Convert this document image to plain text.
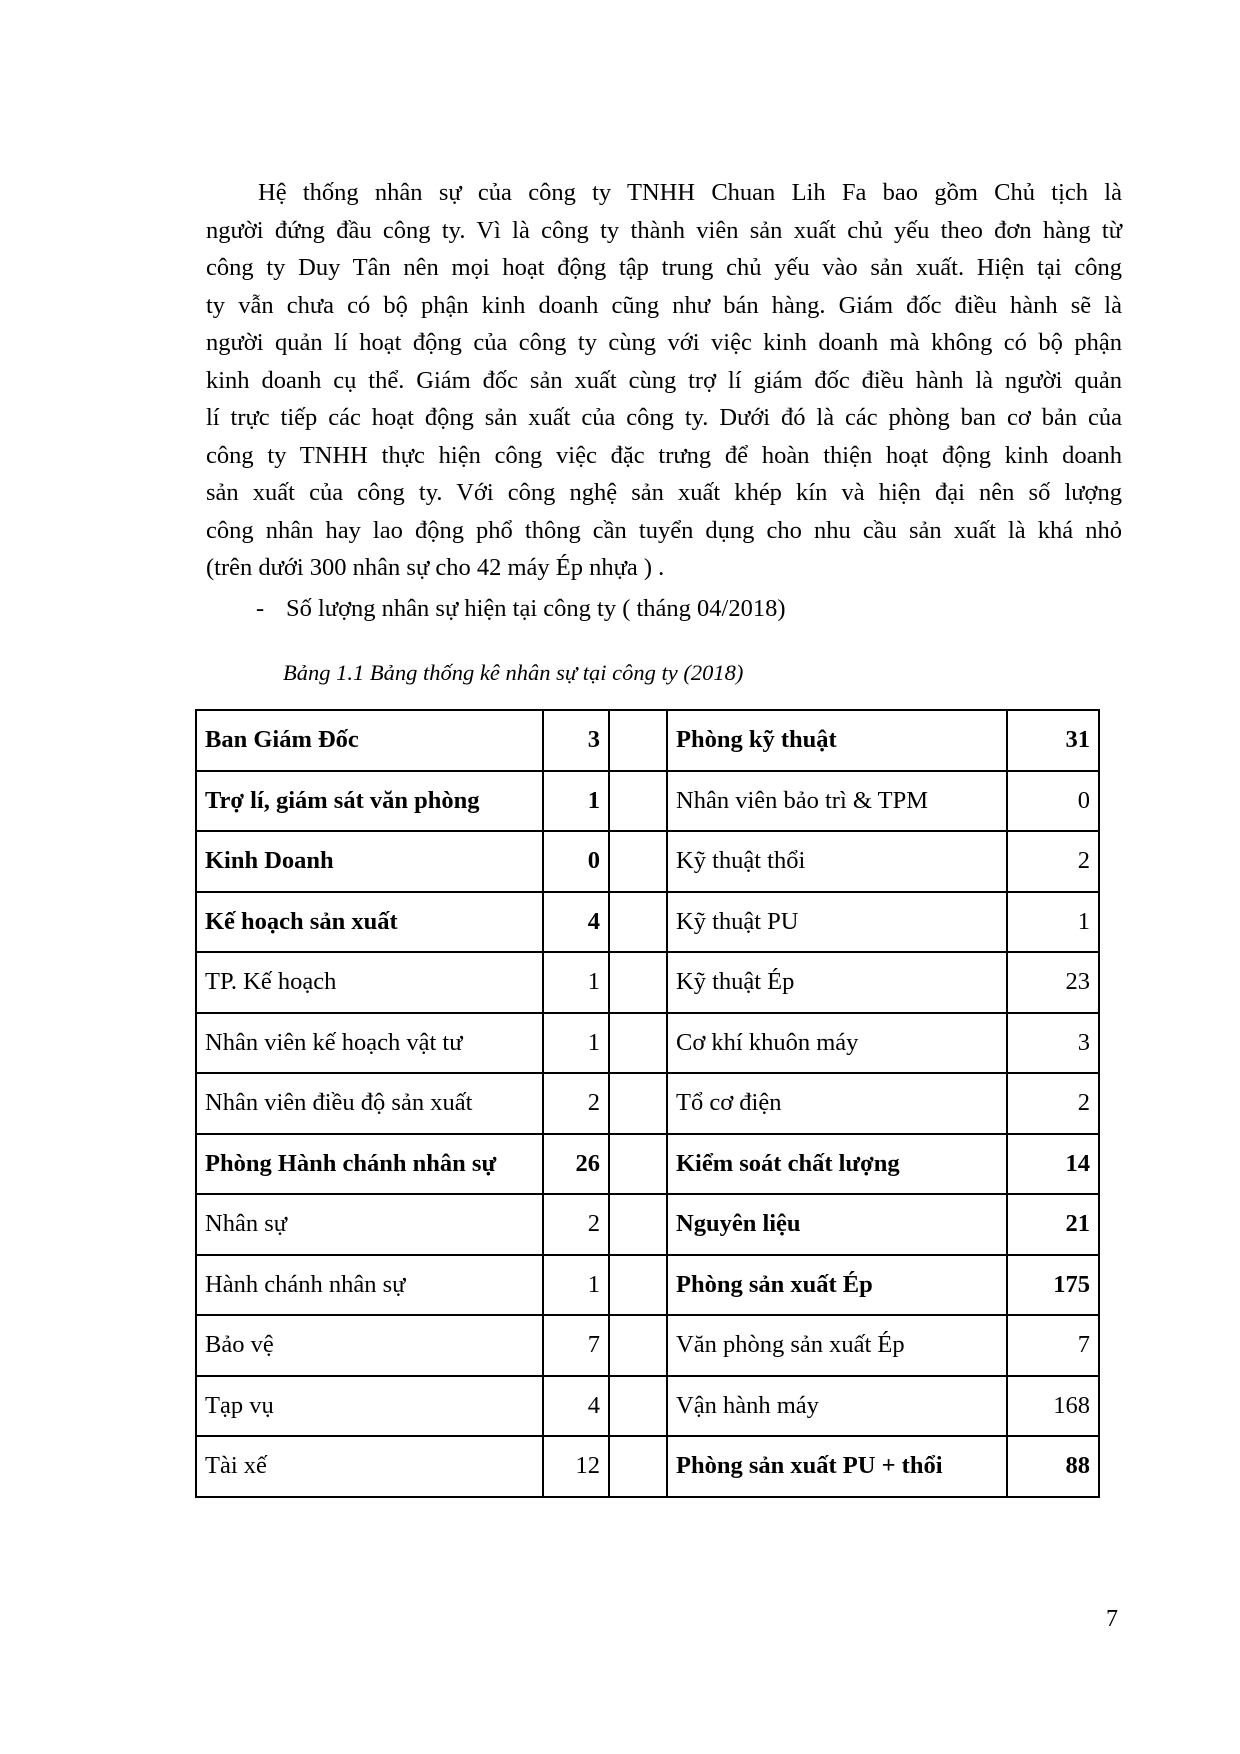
Hệ thống nhân sự của công ty TNHH Chuan Lih Fa bao gồm Chủ tịch là
người đứng đầu công ty. Vì là công ty thành viên sản xuất chủ yếu theo đơn hàng từ
công ty Duy Tân nên mọi hoạt động tập trung chủ yếu vào sản xuất. Hiện tại công
ty vẫn chưa có bộ phận kinh doanh cũng như bán hàng. Giám đốc điều hành sẽ là
người quản lí hoạt động của công ty cùng với việc kinh doanh mà không có bộ phận
kinh doanh cụ thể. Giám đốc sản xuất cùng trợ lí giám đốc điều hành là người quản
lí trực tiếp các hoạt động sản xuất của công ty. Dưới đó là các phòng ban cơ bản của
công ty TNHH thực hiện công việc đặc trưng để hoàn thiện hoạt động kinh doanh
sản xuất của công ty. Với công nghệ sản xuất khép kín và hiện đại nên số lượng
công nhân hay lao động phổ thông cần tuyển dụng cho nhu cầu sản xuất là khá nhỏ
(trên dưới 300 nhân sự cho 42 máy Ép nhựa ) .

- Số lượng nhân sự hiện tại công ty ( tháng 04/2018)
Bảng 1.1 Bảng thống kê nhân sự tại công ty (2018)
Ban Giám Đốc	3		Phòng kỹ thuật	31
Trợ lí, giám sát văn phòng	1		Nhân viên bảo trì & TPM	0
Kinh Doanh	0		Kỹ thuật thổi	2
Kế hoạch sản xuất	4		Kỹ thuật PU	1
TP. Kế hoạch	1		Kỹ thuật Ép	23
Nhân viên kế hoạch vật tư	1		Cơ khí khuôn máy	3
Nhân viên điều độ sản xuất	2		Tổ cơ điện	2
Phòng Hành chánh nhân sự	26		Kiểm soát chất lượng	14
Nhân sự	2		Nguyên liệu	21
Hành chánh nhân sự	1		Phòng sản xuất Ép	175
Bảo vệ	7		Văn phòng sản xuất Ép	7
Tạp vụ	4		Vận hành máy	168
Tài xế	12		Phòng sản xuất PU + thổi	88
7
